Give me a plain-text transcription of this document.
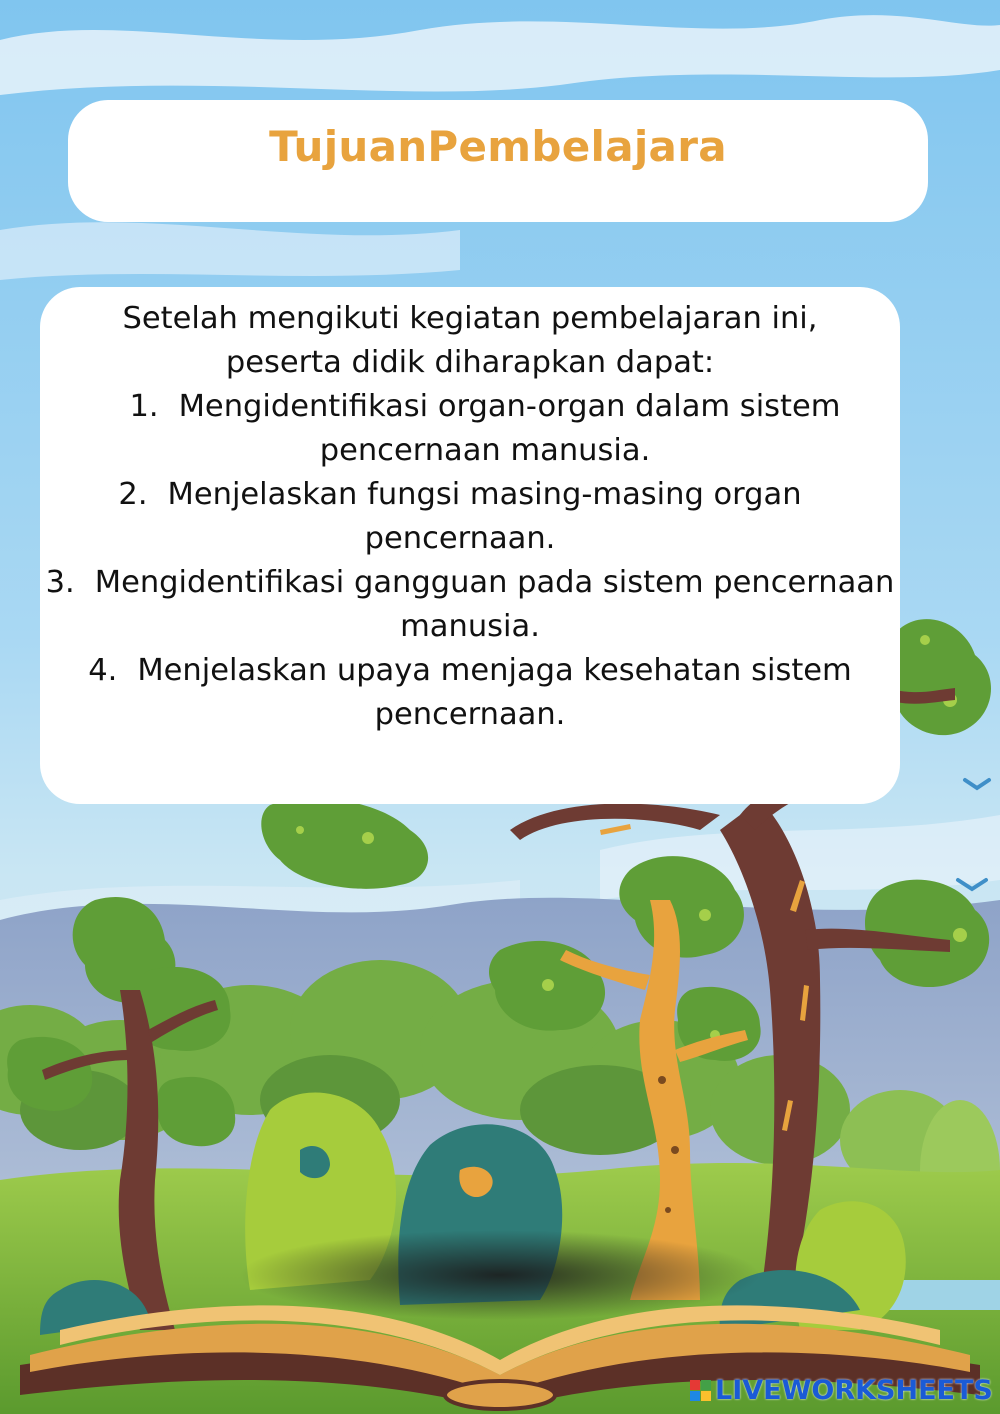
TujuanPembelajara

Setelah mengikuti kegiatan pembelajaran ini, peserta didik diharapkan dapat:

1. Mengidentifikasi organ-organ dalam sistem pencernaan manusia.
2. Menjelaskan fungsi masing-masing organ pencernaan.
3. Mengidentifikasi gangguan pada sistem pencernaan manusia.
4. Menjelaskan upaya menjaga kesehatan sistem pencernaan.
LIVEWORKSHEETS
